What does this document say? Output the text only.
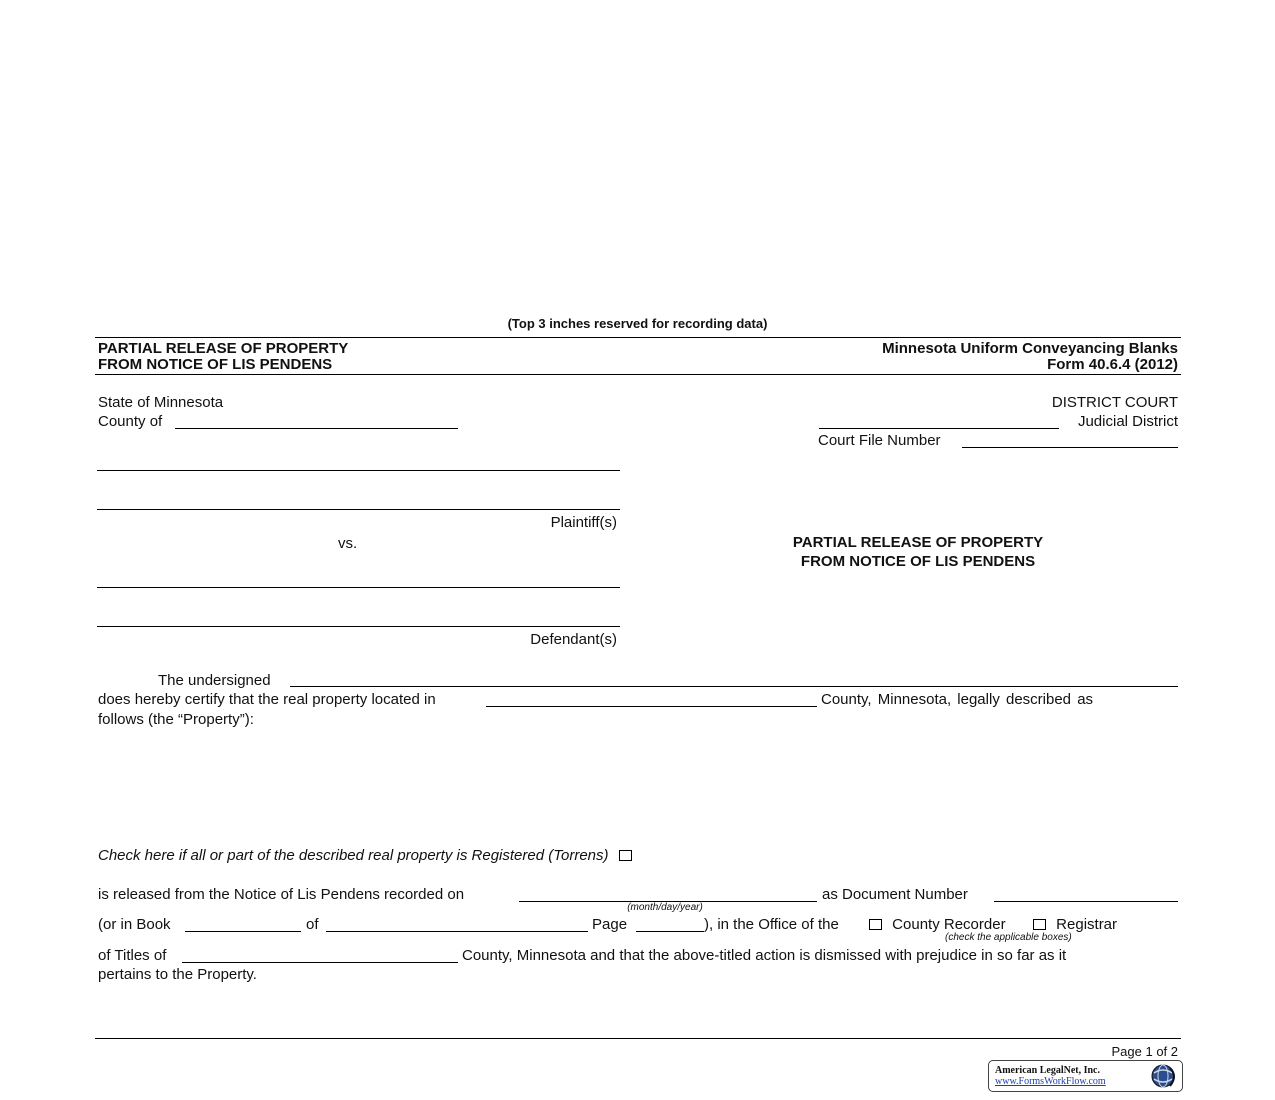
(Top 3 inches reserved for recording data)
PARTIAL RELEASE OF PROPERTY
FROM NOTICE OF LIS PENDENS
Minnesota Uniform Conveyancing Blanks
Form 40.6.4 (2012)
State of Minnesota
County of
DISTRICT COURT
Judicial District
Court File Number
Plaintiff(s)
vs.
Defendant(s)
PARTIAL RELEASE OF PROPERTY
FROM NOTICE OF LIS PENDENS
The undersigned
does hereby certify that the real property located in	County, Minnesota, legally described as
follows (the “Property”):
Check here if all or part of the described real property is Registered (Torrens)
is released from the Notice of Lis Pendens recorded on	as Document Number
(month/day/year)
(or in Book	of	Page	), in the Office of the	County Recorder	Registrar
(check the applicable boxes)
of Titles of	County, Minnesota and that the above-titled action is dismissed with prejudice in so far as it
pertains to the Property.
Page 1 of 2
American LegalNet, Inc.
www.FormsWorkFlow.com
